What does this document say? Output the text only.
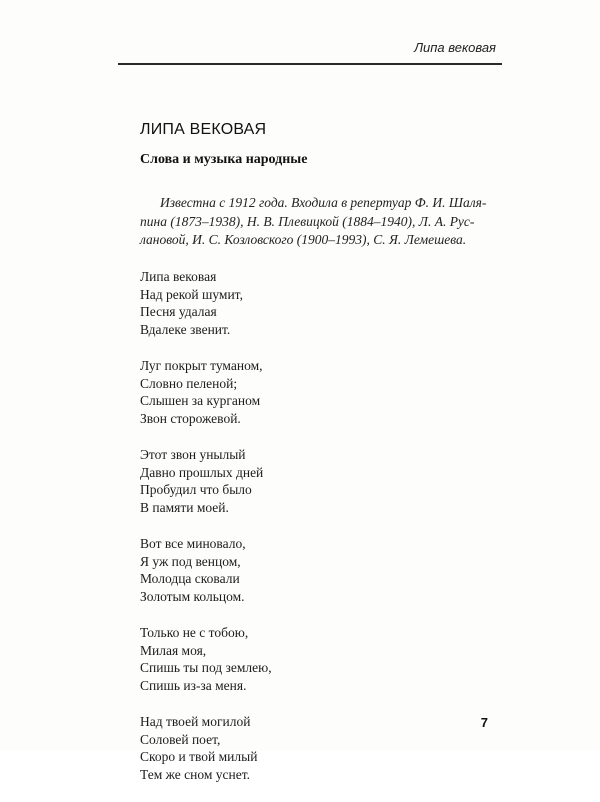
Липа вековая
ЛИПА ВЕКОВАЯ
Слова и музыка народные
Известна с 1912 года. Входила в репертуар Ф. И. Шаля-
пина (1873–1938), Н. В. Плевицкой (1884–1940), Л. А. Рус-
лановой, И. С. Козловского (1900–1993), С. Я. Лемешева.
Липа вековая
Над рекой шумит,
Песня удалая
Вдалеке звенит.
Луг покрыт туманом,
Словно пеленой;
Слышен за курганом
Звон сторожевой.
Этот звон унылый
Давно прошлых дней
Пробудил что было
В памяти моей.
Вот все миновало,
Я уж под венцом,
Молодца сковали
Золотым кольцом.
Только не с тобою,
Милая моя,
Спишь ты под землею,
Спишь из-за меня.
Над твоей могилой
Соловей поет,
Скоро и твой милый
Тем же сном уснет.
7
